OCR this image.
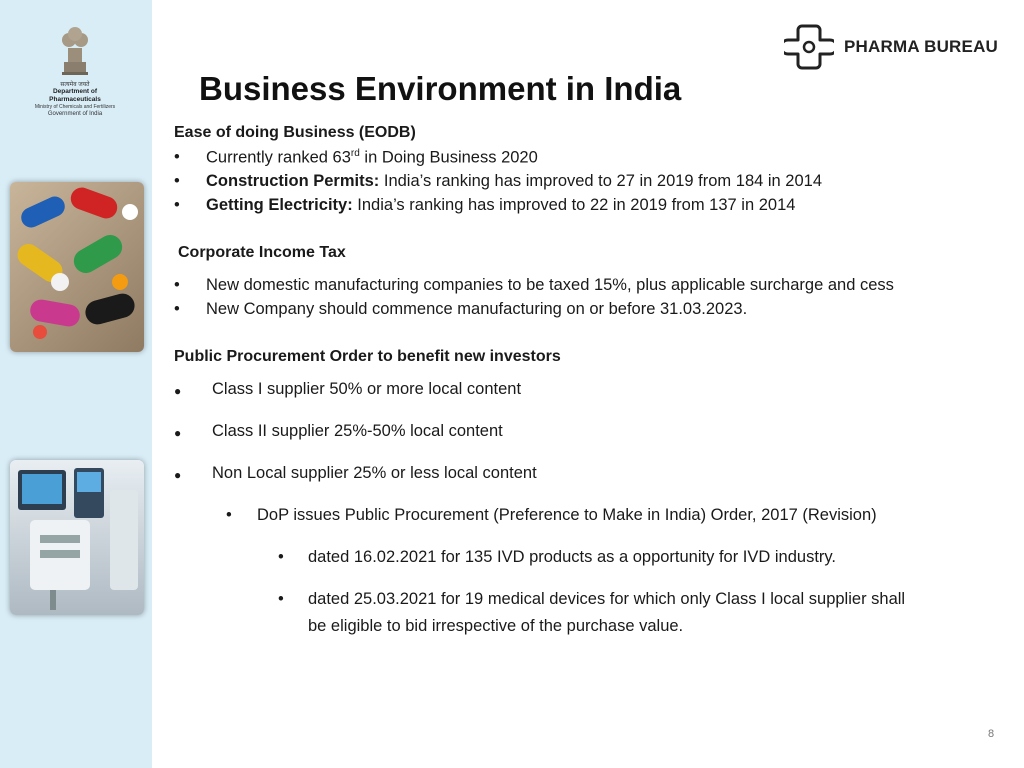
सत्यमेव जयते
Department of Pharmaceuticals
Ministry of Chemicals and Fertilizers
Government of India
PHARMA BUREAU
Business Environment in India
Ease of doing Business (EODB)
• Currently ranked 63rd in Doing Business 2020
• Construction Permits: India’s ranking has improved to 27 in 2019 from 184 in 2014
• Getting Electricity: India’s ranking has improved to 22 in 2019 from 137 in 2014
Corporate Income Tax
• New domestic manufacturing companies to be taxed 15%, plus applicable surcharge and cess
• New Company should commence manufacturing on or before 31.03.2023.
Public Procurement Order to benefit new investors
● Class I supplier 50% or more local content
● Class II supplier 25%-50% local content
● Non Local supplier 25% or less local content
• DoP issues Public Procurement (Preference to Make in India) Order, 2017 (Revision)
• dated 16.02.2021 for 135 IVD products as a opportunity for IVD industry.
• dated 25.03.2021 for 19 medical devices for which only Class I local supplier shall
be eligible to bid irrespective of the purchase value.
8
